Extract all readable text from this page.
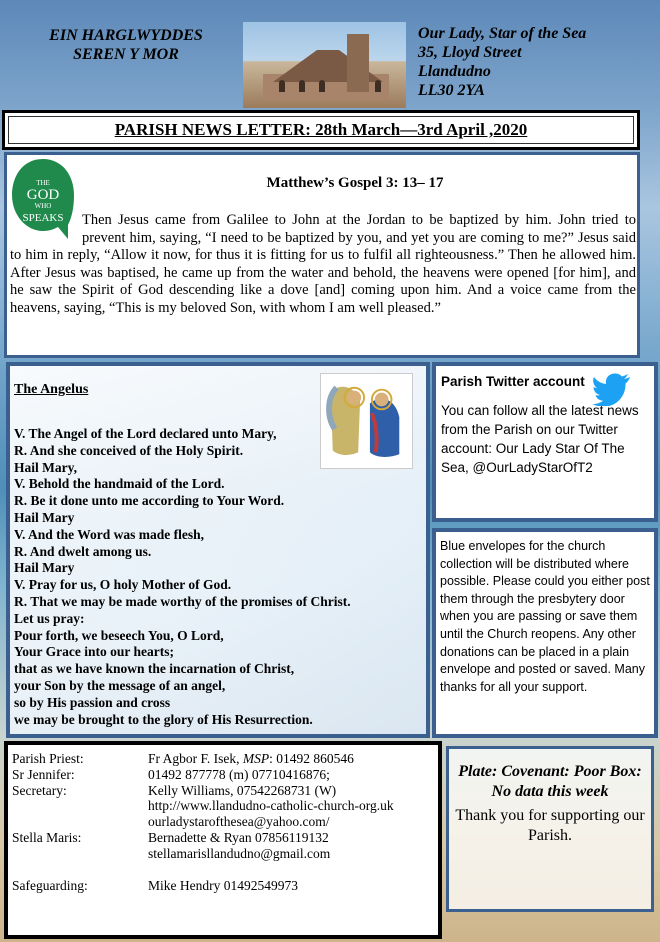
EIN HARGLWYDDES
SEREN Y MOR
Our Lady, Star of the Sea
35, Lloyd Street
Llandudno
LL30 2YA
PARISH NEWS LETTER: 28th March—3rd April ,2020
THE
GOD
WHO
SPEAKS
Matthew’s Gospel 3: 13– 17
Then Jesus came from Galilee to John at the Jordan to be baptized by him. John tried to prevent him, saying, “I need to be baptized by you, and yet you are coming to me?” Jesus said to him in reply, “Allow it now, for thus it is fitting for us to fulfil all righteousness.” Then he allowed him. After Jesus was baptised, he came up from the water and behold, the heavens were opened [for him], and he saw the Spirit of God descending like a dove [and] coming upon him. And a voice came from the heavens, saying, “This is my beloved Son, with whom I am well pleased.”
The Angelus
V. The Angel of the Lord declared unto Mary,
R. And she conceived of the Holy Spirit.
Hail Mary,
V. Behold the handmaid of the Lord.
R. Be it done unto me according to Your Word.
Hail Mary
V. And the Word was made flesh,
R. And dwelt among us.
Hail Mary
V. Pray for us, O holy Mother of God.
R. That we may be made worthy of the promises of Christ.
Let us pray:
Pour forth, we beseech You, O Lord,
Your Grace into our hearts;
that as we have known the incarnation of Christ,
your Son by the message of an angel,
so by His passion and cross
we may be brought to the glory of His Resurrection.
Parish Twitter account
You can follow all the latest news from the Parish on our Twitter account: Our Lady Star Of The Sea, @OurLadyStarOfT2
Blue envelopes for the church collection will be distributed where possible. Please could you either post them through the presbytery door when you are passing or save them until the Church reopens. Any other donations can be placed in a plain envelope and posted or saved. Many thanks for all your support.
Parish Priest:	Fr Agbor F. Isek, MSP: 01492 860546
Sr Jennifer:	01492 877778 (m) 07710416876;
Secretary:	Kelly Williams, 07542268731 (W)
	http://www.llandudno-catholic-church-org.uk
	ourladystarofthesea@yahoo.com/
Stella Maris:	Bernadette & Ryan 07856119132
	stellamarisllandudno@gmail.com

Safeguarding:	Mike Hendry 01492549973
Plate: Covenant: Poor Box:
No data this week
Thank you for supporting our Parish.
